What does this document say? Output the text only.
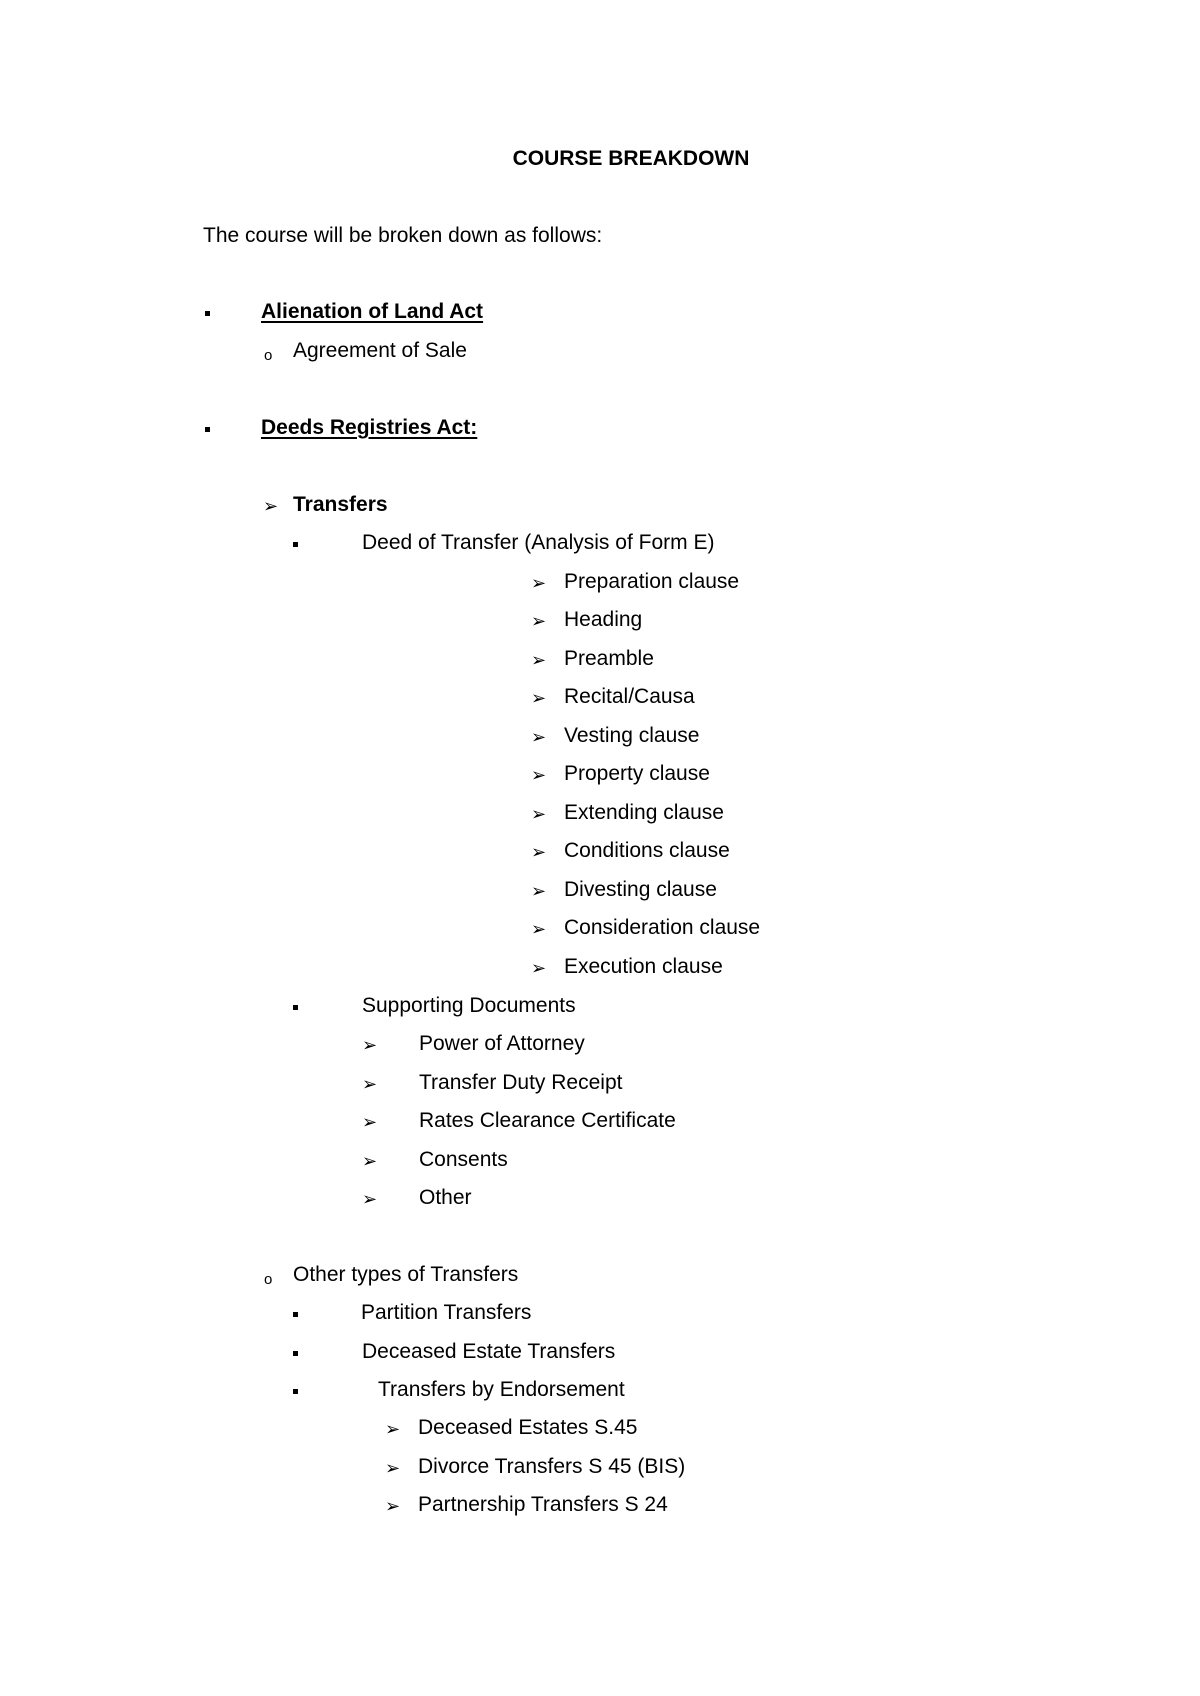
COURSE BREAKDOWN
The course will be broken down as follows:
Alienation of Land Act
o Agreement of Sale
Deeds Registries Act:
➢ Transfers
Deed of Transfer (Analysis of Form E)
➢ Preparation clause
➢ Heading
➢ Preamble
➢ Recital/Causa
➢ Vesting clause
➢ Property clause
➢ Extending clause
➢ Conditions clause
➢ Divesting clause
➢ Consideration clause
➢ Execution clause
Supporting Documents
➢ Power of Attorney
➢ Transfer Duty Receipt
➢ Rates Clearance Certificate
➢ Consents
➢ Other
o Other types of Transfers
Partition Transfers
Deceased Estate Transfers
Transfers by Endorsement
➢ Deceased Estates S.45
➢ Divorce Transfers S 45 (BIS)
➢ Partnership Transfers S 24
